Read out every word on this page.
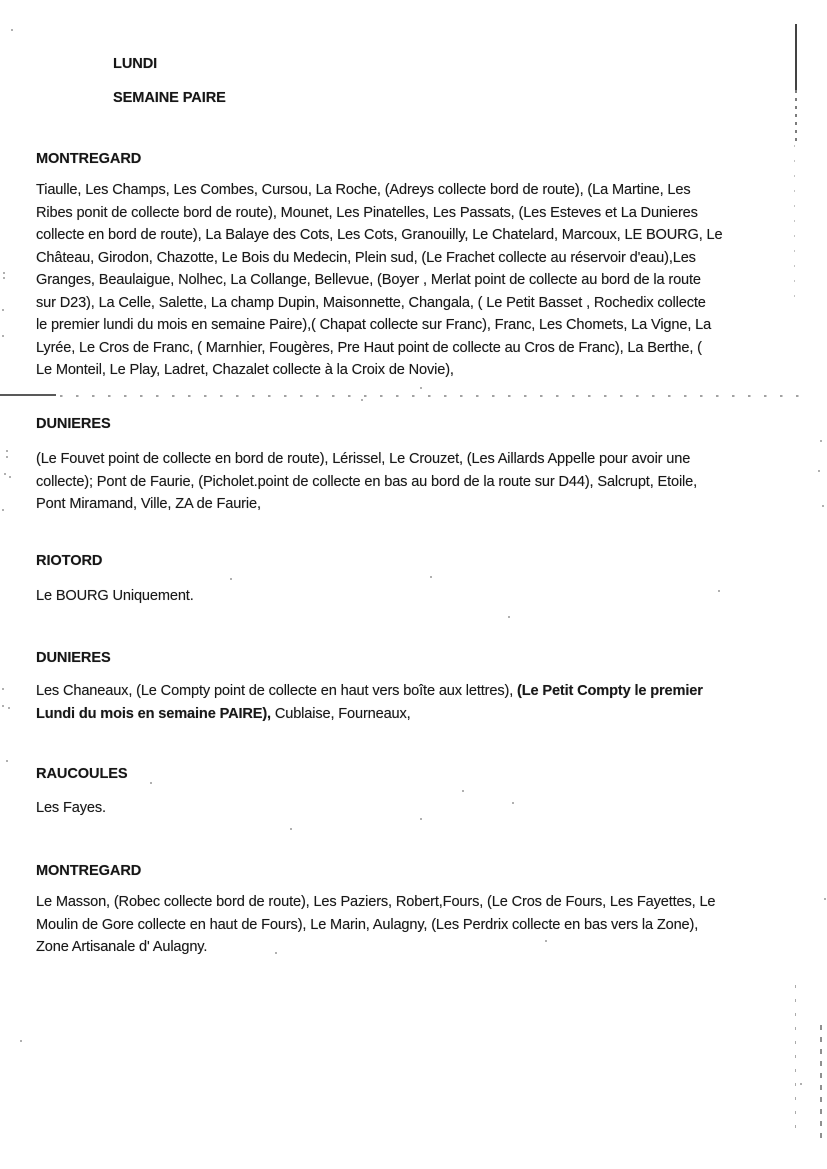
LUNDI
SEMAINE PAIRE
MONTREGARD
Tiaulle, Les Champs, Les Combes, Cursou, La Roche, (Adreys collecte bord de route), (La Martine, Les
Ribes ponit de collecte bord de route), Mounet, Les Pinatelles, Les Passats, (Les Esteves et La Dunieres
collecte en bord de route), La Balaye des Cots, Les Cots, Granouilly, Le Chatelard, Marcoux, LE BOURG, Le
Château, Girodon, Chazotte, Le Bois du Medecin, Plein sud, (Le Frachet collecte au réservoir d'eau),Les
Granges, Beaulaigue, Nolhec, La Collange, Bellevue, (Boyer , Merlat point de collecte au bord de la route
sur D23), La Celle, Salette, La champ Dupin, Maisonnette, Changala, ( Le Petit Basset , Rochedix collecte
le premier lundi du mois en semaine Paire),( Chapat collecte sur Franc), Franc, Les Chomets, La Vigne, La
Lyrée, Le Cros de Franc, ( Marnhier, Fougères, Pre Haut point de collecte au Cros de Franc), La Berthe, (
Le Monteil, Le Play, Ladret, Chazalet collecte à la Croix de Novie),
DUNIERES
(Le Fouvet point de collecte en bord de route), Lérissel, Le Crouzet, (Les Aillards Appelle pour avoir une
collecte); Pont de Faurie, (Picholet.point de collecte en bas au bord de la route sur D44), Salcrupt, Etoile,
Pont Miramand, Ville, ZA de Faurie,
RIOTORD
Le BOURG Uniquement.
DUNIERES
Les Chaneaux, (Le Compty point de collecte en haut vers boîte aux lettres), (Le Petit Compty le premier
Lundi du mois en semaine PAIRE), Cublaise, Fourneaux,
RAUCOULES
Les Fayes.
MONTREGARD
Le Masson, (Robec collecte bord de route), Les Paziers, Robert,Fours, (Le Cros de Fours, Les Fayettes, Le
Moulin de Gore collecte en haut de Fours), Le Marin, Aulagny, (Les Perdrix collecte en bas vers la Zone),
Zone Artisanale d' Aulagny.
